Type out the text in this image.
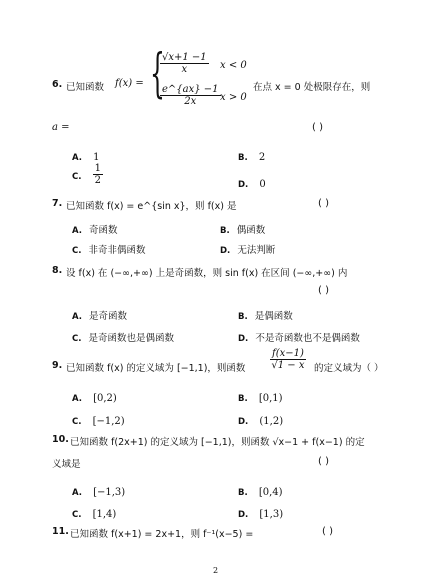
6. 已知函数 f(x) = {
$\frac{√x+1 -1}{x}$ x < 0
$\frac{e\^{}\{ax\} -1}{2x}$ x > 0
在点 x = 0 处极限存在，则
a =	( )
A. 1	B. 2
C. $\frac{1}{2}$	D. 0
7. 已知函数 f(x) = e^{sin x}，则 f(x) 是	( )
A. 奇函数	B. 偶函数
C. 非奇非偶函数	D. 无法判断
8. 设 f(x) 在 (−∞,+∞) 上是奇函数，则 sin f(x) 在区间 (−∞,+∞) 内
( )
A. 是奇函数	B. 是偶函数
C. 是奇函数也是偶函数	D. 不是奇函数也不是偶函数
9. 已知函数 f(x) 的定义域为 [−1,1)，则函数 $\frac{f(x-1)}{√1 - x}$ 的定义域为（ ）
A. [0,2)	B. [0,1)
C. [−1,2)	D. (1,2)
10. 已知函数 f(2x+1) 的定义域为 [−1,1)，则函数 √x−1 + f(x−1) 的定
义域是	( )
A. [−1,3)	B. [0,4)
C. [1,4)	D. [1,3)
11. 已知函数 f(x+1) = 2x+1，则 f⁻¹(x−5) =	( )
2
